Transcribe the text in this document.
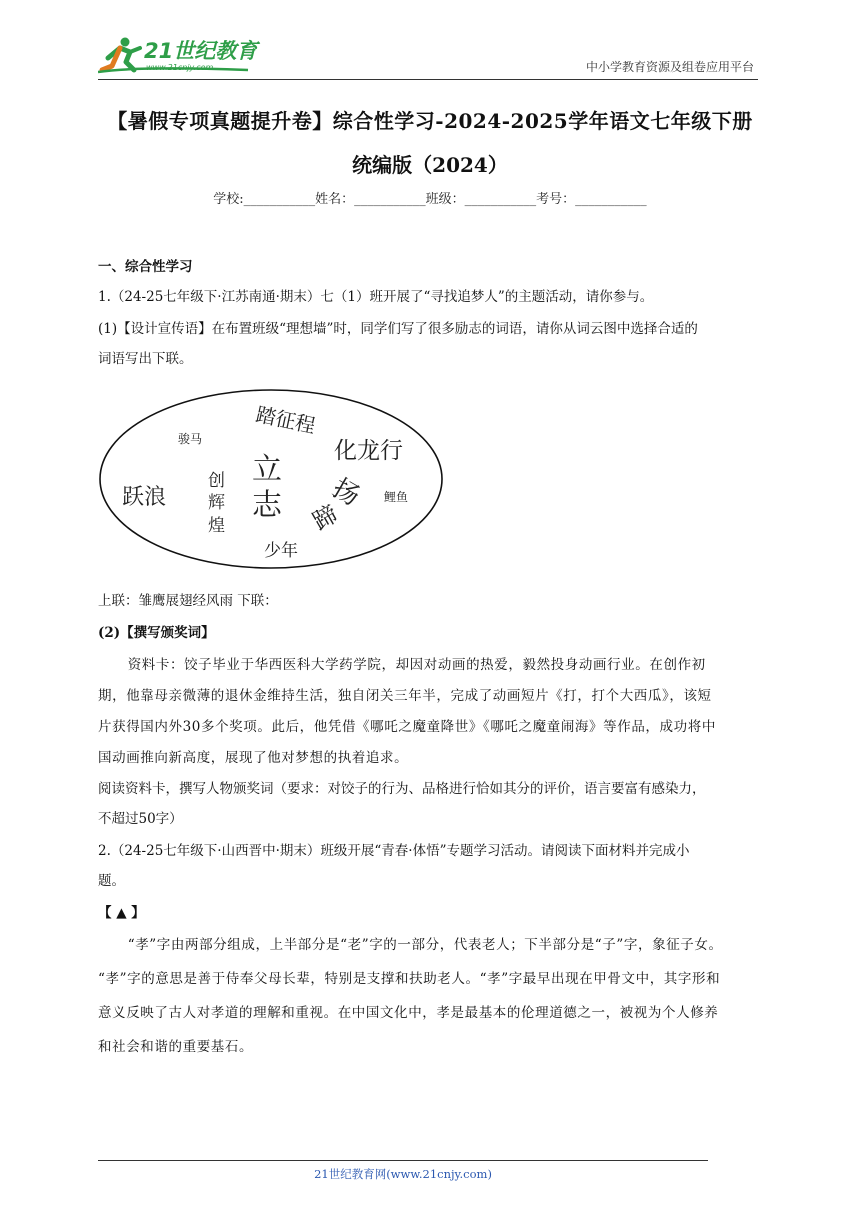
21世纪教育
www.21cnjy.com	中小学教育资源及组卷应用平台
【暑假专项真题提升卷】综合性学习-2024-2025学年语文七年级下册
统编版（2024）
学校:___________姓名：___________班级：___________考号：___________
一、综合性学习
1.（24-25七年级下·江苏南通·期末）七（1）班开展了“寻找追梦人”的主题活动，请你参与。
(1)【设计宣传语】在布置班级“理想墙”时，同学们写了很多励志的词语，请你从词云图中选择合适的
词语写出下联。
踏征程
骏马	化龙行
立
志
创
辉
煌
跃浪	扬
蹄
鲤鱼
少年
上联：雏鹰展翅经风雨 下联：
(2)【撰写颁奖词】
资料卡：饺子毕业于华西医科大学药学院，却因对动画的热爱，毅然投身动画行业。在创作初
期，他靠母亲微薄的退休金维持生活，独自闭关三年半，完成了动画短片《打，打个大西瓜》，该短
片获得国内外30多个奖项。此后，他凭借《哪吒之魔童降世》《哪吒之魔童闹海》等作品，成功将中
国动画推向新高度，展现了他对梦想的执着追求。
阅读资料卡，撰写人物颁奖词（要求：对饺子的行为、品格进行恰如其分的评价，语言要富有感染力，
不超过50字）
2.（24-25七年级下·山西晋中·期末）班级开展“青春·体悟”专题学习活动。请阅读下面材料并完成小
题。
【 ▲ 】
“孝”字由两部分组成，上半部分是“老”字的一部分，代表老人；下半部分是“子”字，象征子女。
“孝”字的意思是善于侍奉父母长辈，特别是支撑和扶助老人。“孝”字最早出现在甲骨文中，其字形和
意义反映了古人对孝道的理解和重视。在中国文化中，孝是最基本的伦理道德之一，被视为个人修养
和社会和谐的重要基石。
21世纪教育网(www.21cnjy.com)
